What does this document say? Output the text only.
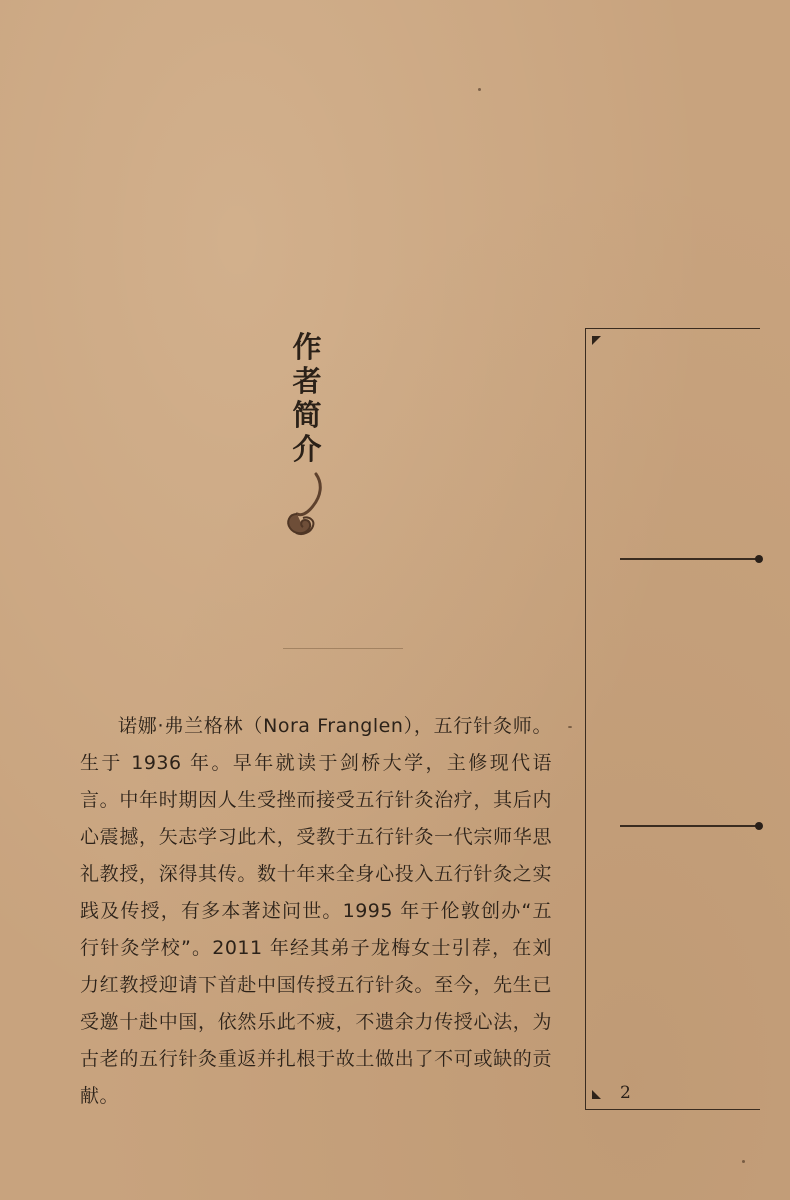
作
者
简
介

诺娜·弗兰格林（Nora Franglen），五行针灸师。生于 1936 年。早年就读于剑桥大学，主修现代语言。中年时期因人生受挫而接受五行针灸治疗，其后内心震撼，矢志学习此术，受教于五行针灸一代宗师华思礼教授，深得其传。数十年来全身心投入五行针灸之实践及传授，有多本著述问世。1995 年于伦敦创办“五行针灸学校”。2011 年经其弟子龙梅女士引荐，在刘力红教授迎请下首赴中国传授五行针灸。至今，先生已受邀十赴中国，依然乐此不疲，不遗余力传授心法，为古老的五行针灸重返并扎根于故土做出了不可或缺的贡献。	2
